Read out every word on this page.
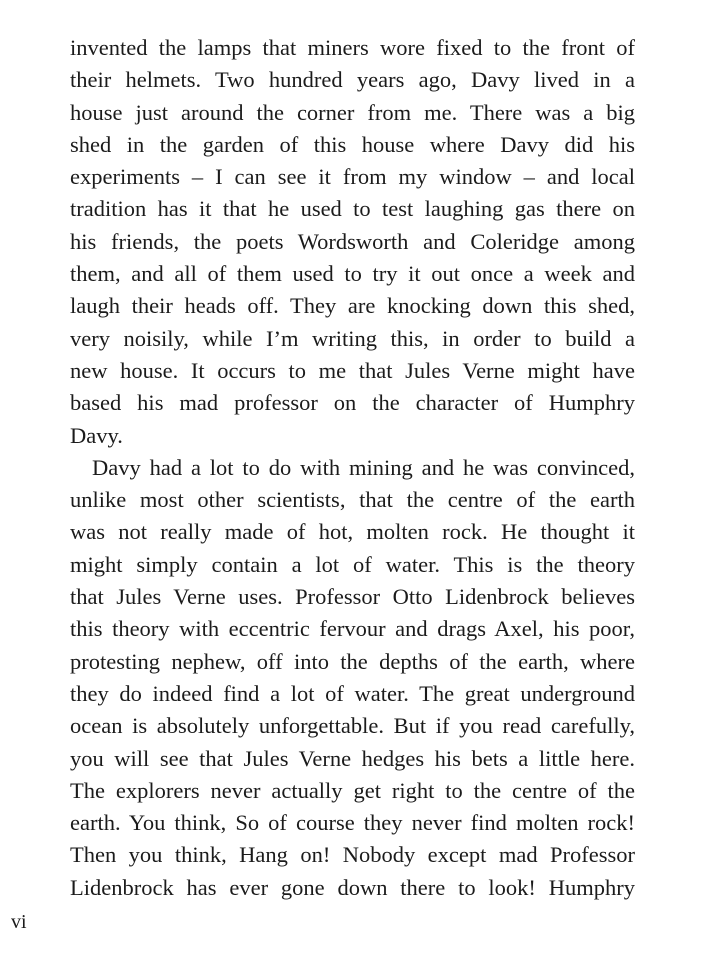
invented the lamps that miners wore fixed to the front of
their helmets. Two hundred years ago, Davy lived in a
house just around the corner from me. There was a big
shed in the garden of this house where Davy did his
experiments – I can see it from my window – and local
tradition has it that he used to test laughing gas there on
his friends, the poets Wordsworth and Coleridge among
them, and all of them used to try it out once a week and
laugh their heads off. They are knocking down this shed,
very noisily, while I’m writing this, in order to build a
new house. It occurs to me that Jules Verne might have
based his mad professor on the character of Humphry
Davy.
Davy had a lot to do with mining and he was convinced,
unlike most other scientists, that the centre of the earth
was not really made of hot, molten rock. He thought it
might simply contain a lot of water. This is the theory
that Jules Verne uses. Professor Otto Lidenbrock believes
this theory with eccentric fervour and drags Axel, his poor,
protesting nephew, off into the depths of the earth, where
they do indeed find a lot of water. The great underground
ocean is absolutely unforgettable. But if you read carefully,
you will see that Jules Verne hedges his bets a little here.
The explorers never actually get right to the centre of the
earth. You think, So of course they never find molten rock!
Then you think, Hang on! Nobody except mad Professor
Lidenbrock has ever gone down there to look! Humphry
vi
